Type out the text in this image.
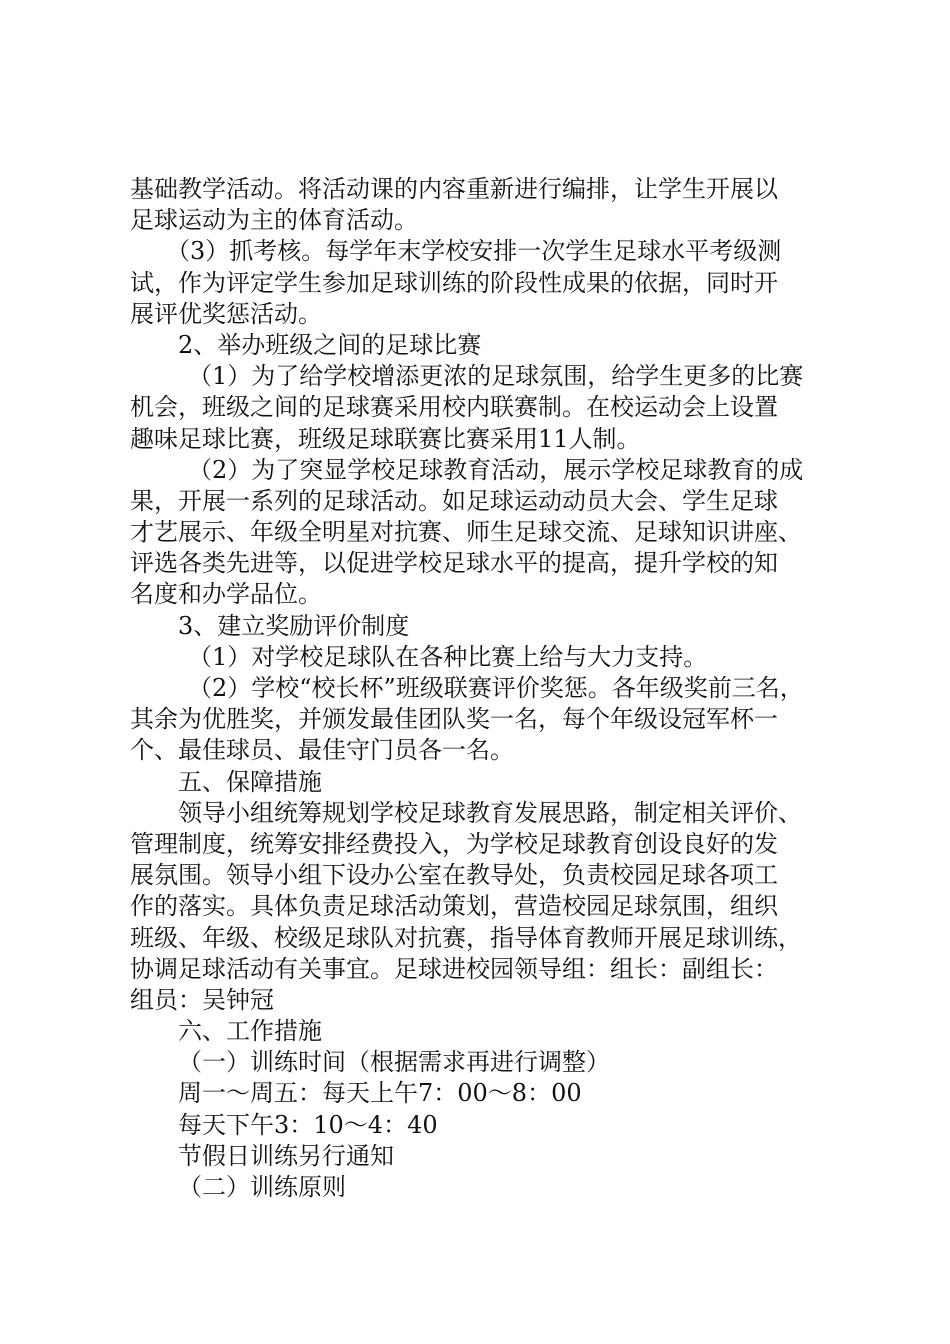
基础教学活动。将活动课的内容重新进行编排，让学生开展以
足球运动为主的体育活动。
（3）抓考核。每学年末学校安排一次学生足球水平考级测
试，作为评定学生参加足球训练的阶段性成果的依据，同时开
展评优奖惩活动。
2、举办班级之间的足球比赛
（1）为了给学校增添更浓的足球氛围，给学生更多的比赛
机会，班级之间的足球赛采用校内联赛制。在校运动会上设置
趣味足球比赛，班级足球联赛比赛采用11人制。
（2）为了突显学校足球教育活动，展示学校足球教育的成
果，开展一系列的足球活动。如足球运动动员大会、学生足球
才艺展示、年级全明星对抗赛、师生足球交流、足球知识讲座、
评选各类先进等，以促进学校足球水平的提高，提升学校的知
名度和办学品位。
3、建立奖励评价制度
（1）对学校足球队在各种比赛上给与大力支持。
（2）学校“校长杯”班级联赛评价奖惩。各年级奖前三名，
其余为优胜奖，并颁发最佳团队奖一名，每个年级设冠军杯一
个、最佳球员、最佳守门员各一名。
五、保障措施
领导小组统筹规划学校足球教育发展思路，制定相关评价、
管理制度，统筹安排经费投入，为学校足球教育创设良好的发
展氛围。领导小组下设办公室在教导处，负责校园足球各项工
作的落实。具体负责足球活动策划，营造校园足球氛围，组织
班级、年级、校级足球队对抗赛，指导体育教师开展足球训练，
协调足球活动有关事宜。足球进校园领导组：组长：副组长：
组员：吴钟冠
六、工作措施
（一）训练时间（根据需求再进行调整）
周一～周五：每天上午7：00～8：00
每天下午3：10～4：40
节假日训练另行通知
（二）训练原则
